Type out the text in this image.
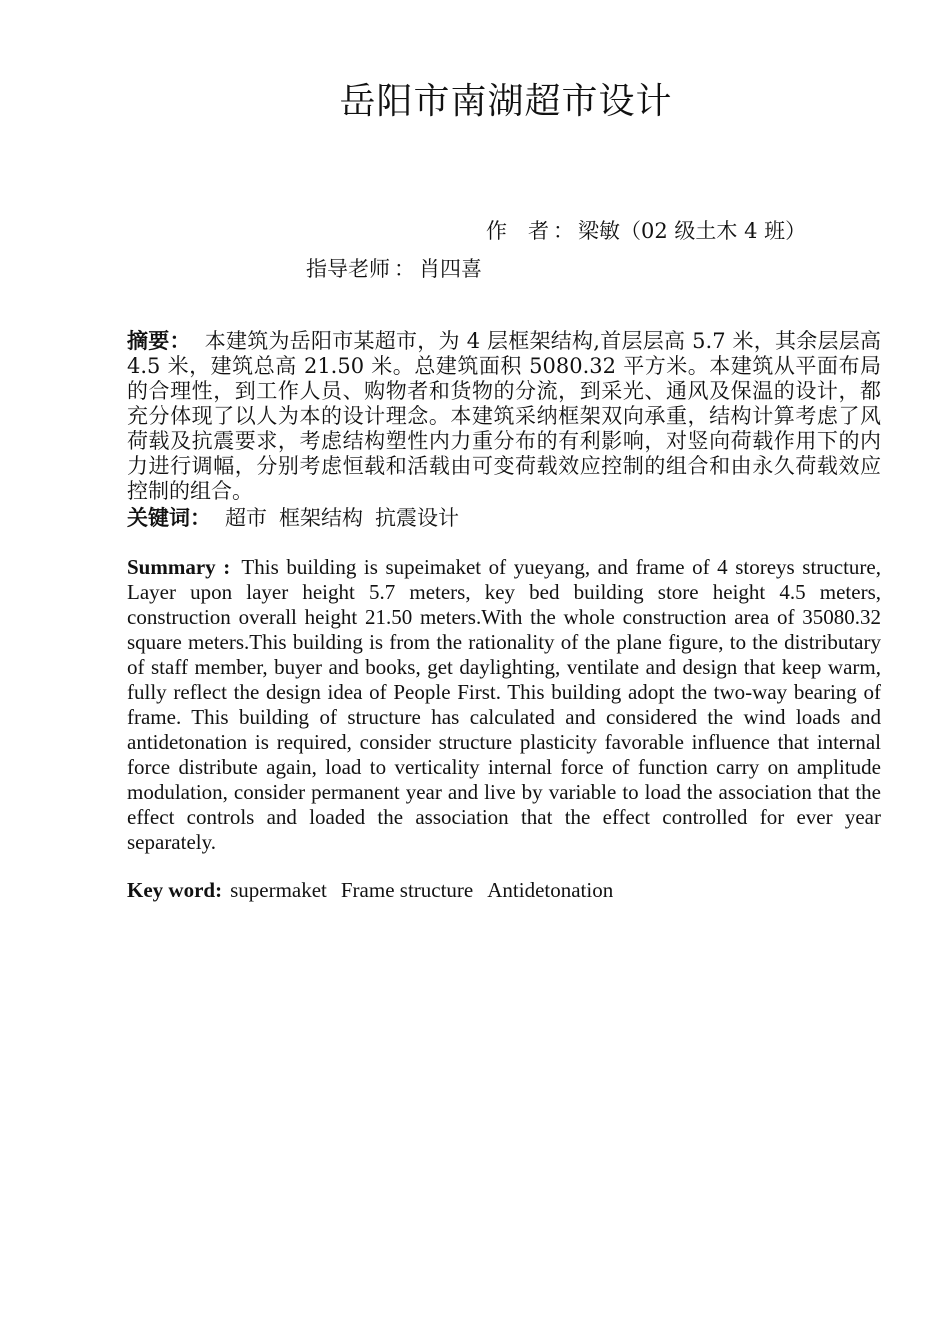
岳阳市南湖超市设计
作　者 ： 梁敏（02 级土木 4 班）
指导老师 ： 肖四喜

摘要： 本建筑为岳阳市某超市，为 4 层框架结构,首层层高 5.7 米，其余层层高 4.5 米，建筑总高 21.50 米。总建筑面积 5080.32 平方米。本建筑从平面布局的合理性，到工作人员、购物者和货物的分流，到采光、通风及保温的设计，都充分体现了以人为本的设计理念。本建筑采纳框架双向承重，结构计算考虑了风荷载及抗震要求，考虑结构塑性内力重分布的有利影响，对竖向荷载作用下的内力进行调幅，分别考虑恒载和活载由可变荷载效应控制的组合和由永久荷载效应控制的组合。

关键词： 超市 框架结构 抗震设计

Summary : This building is supeimaket of yueyang, and frame of 4 storeys structure, Layer upon layer height 5.7 meters, key bed building store height 4.5 meters, construction overall height 21.50 meters.With the whole construction area of 35080.32 square meters.This building is from the rationality of the plane figure, to the distributary of staff member, buyer and books, get daylighting, ventilate and design that keep warm, fully reflect the design idea of People First. This building adopt the two-way bearing of frame. This building of structure has calculated and considered the wind loads and antidetonation is required, consider structure plasticity favorable influence that internal force distribute again, load to verticality internal force of function carry on amplitude modulation, consider permanent year and live by variable to load the association that the effect controls and loaded the association that the effect controlled for ever year separately.

Key word: supermaket Frame structure Antidetonation
